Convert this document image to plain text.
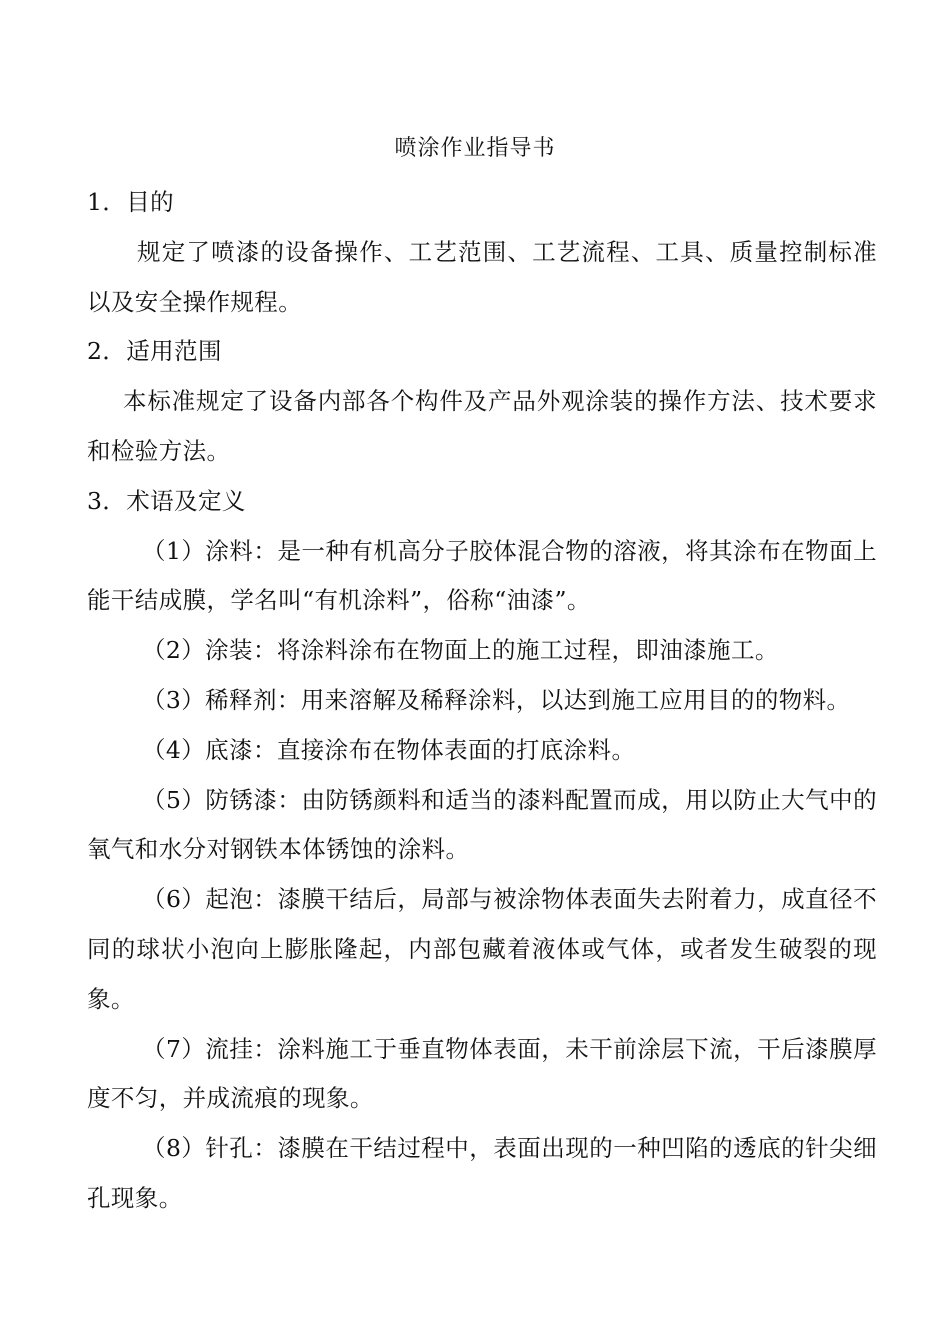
喷涂作业指导书

1．目的

规定了喷漆的设备操作、工艺范围、工艺流程、工具、质量控制标准以及安全操作规程。

2．适用范围

本标准规定了设备内部各个构件及产品外观涂装的操作方法、技术要求和检验方法。

3．术语及定义

（1）涂料：是一种有机高分子胶体混合物的溶液，将其涂布在物面上能干结成膜，学名叫“有机涂料”，俗称“油漆”。

（2）涂装：将涂料涂布在物面上的施工过程，即油漆施工。

（3）稀释剂：用来溶解及稀释涂料，以达到施工应用目的的物料。

（4）底漆：直接涂布在物体表面的打底涂料。

（5）防锈漆：由防锈颜料和适当的漆料配置而成，用以防止大气中的氧气和水分对钢铁本体锈蚀的涂料。

（6）起泡：漆膜干结后，局部与被涂物体表面失去附着力，成直径不同的球状小泡向上膨胀隆起，内部包藏着液体或气体，或者发生破裂的现象。

（7）流挂：涂料施工于垂直物体表面，未干前涂层下流，干后漆膜厚度不匀，并成流痕的现象。

（8）针孔：漆膜在干结过程中，表面出现的一种凹陷的透底的针尖细孔现象。
